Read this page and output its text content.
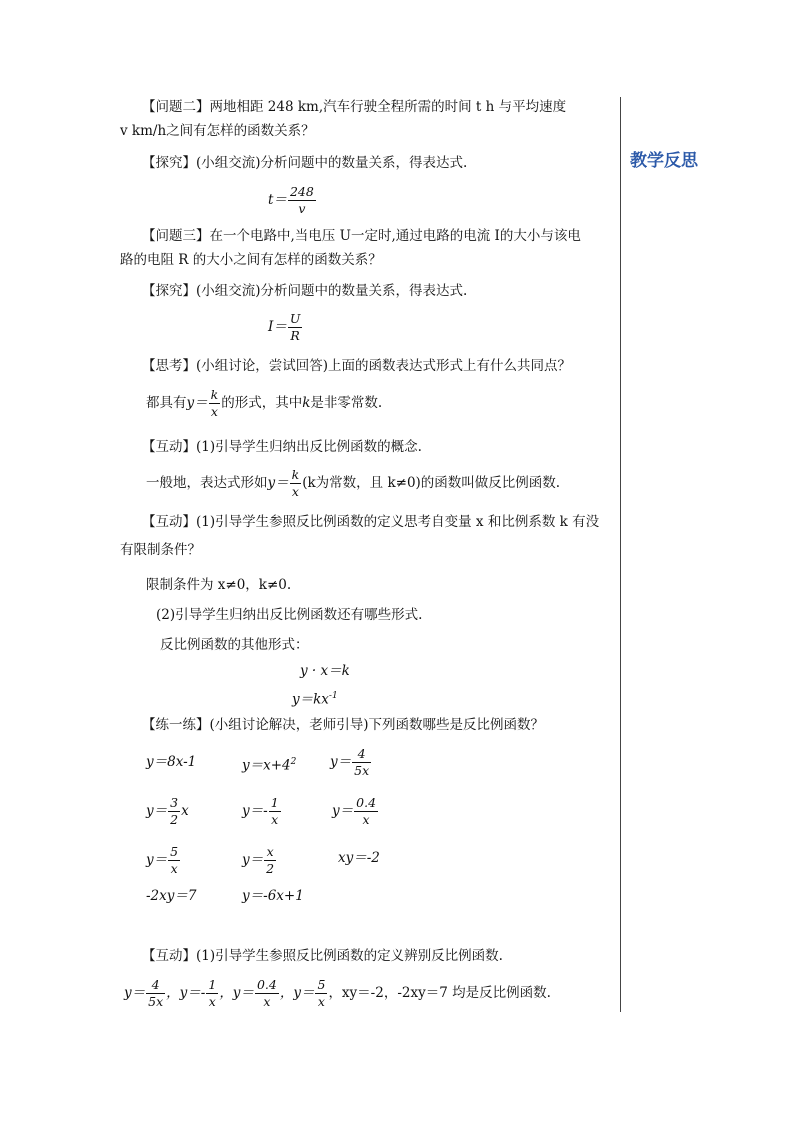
教学反思
【问题二】两地相距 248 km,汽车行驶全程所需的时间 t h 与平均速度
v km/h之间有怎样的函数关系？
【探究】(小组交流)分析问题中的数量关系，得表达式.
$t= \frac{248}{v}$
【问题三】在一个电路中,当电压 U一定时,通过电路的电流 I的大小与该电
路的电阻 R 的大小之间有怎样的函数关系？
【探究】(小组交流)分析问题中的数量关系，得表达式.
$I= \frac{U}{R}$
【思考】(小组讨论，尝试回答)上面的函数表达式形式上有什么共同点？
都具有$y= \frac{k}{x}$ 的形式，其中k是非零常数.
【互动】(1)引导学生归纳出反比例函数的概念.
一般地，表达式形如$y= \frac{k}{x} (k$为常数，且 k≠0)的函数叫做反比例函数.
【互动】(1)引导学生参照反比例函数的定义思考自变量 x 和比例系数 k 有没
有限制条件？
限制条件为 x≠0，k≠0.
(2)引导学生归纳出反比例函数还有哪些形式.
反比例函数的其他形式：
y · x＝k
$y=kx^{-1}$
【练一练】(小组讨论解决，老师引导)下列函数哪些是反比例函数？
y＝8x-1	$y=x+4^2$ $y= \frac{4}{5x}$
$y= \frac{3}{2}$ x	$y=- \frac{1}{x}$	$y= \frac{0.4}{x}$
$y= \frac{5}{x}$	$y= \frac{x}{2}$	xy＝-2
-2xy＝7	y＝-6x+1
【互动】(1)引导学生参照反比例函数的定义辨别反比例函数.
$y= \frac{4}{5x}$ ，$y=- \frac{1}{x}$ ，$y= \frac{0.4}{x}$ ，$y= \frac{5}{x}$ ，xy＝-2，-2xy＝7 均是反比例函数.
